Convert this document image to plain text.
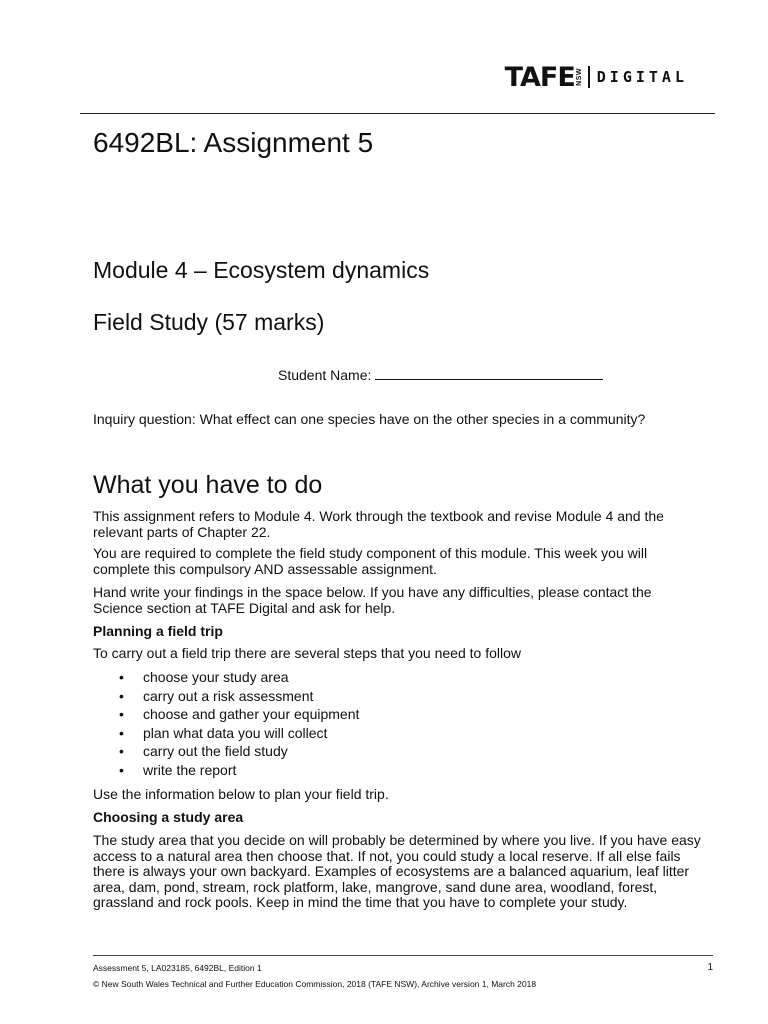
TAFE NSW DIGITAL
6492BL: Assignment 5
Module 4 – Ecosystem dynamics
Field Study (57 marks)
Student Name:

Inquiry question: What effect can one species have on the other species in a community?

What you have to do

This assignment refers to Module 4. Work through the textbook and revise Module 4 and the relevant parts of Chapter 22.

You are required to complete the field study component of this module. This week you will complete this compulsory AND assessable assignment.

Hand write your findings in the space below. If you have any difficulties, please contact the Science section at TAFE Digital and ask for help.

Planning a field trip

To carry out a field trip there are several steps that you need to follow

• choose your study area
• carry out a risk assessment
• choose and gather your equipment
• plan what data you will collect
• carry out the field study
• write the report

Use the information below to plan your field trip.

Choosing a study area

The study area that you decide on will probably be determined by where you live. If you have easy access to a natural area then choose that. If not, you could study a local reserve. If all else fails there is always your own backyard. Examples of ecosystems are a balanced aquarium, leaf litter area, dam, pond, stream, rock platform, lake, mangrove, sand dune area, woodland, forest, grassland and rock pools. Keep in mind the time that you have to complete your study.

Assessment 5, LA023185, 6492BL, Edition 1	1
© New South Wales Technical and Further Education Commission, 2018 (TAFE NSW), Archive version 1, March 2018
